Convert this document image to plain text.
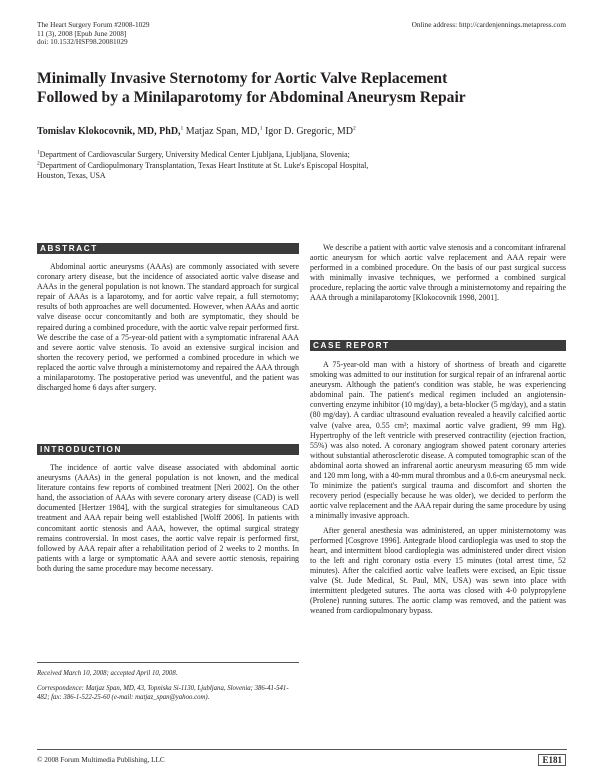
The Heart Surgery Forum #2008-1029
11 (3), 2008 [Epub June 2008]
doi: 10.1532/HSF98.20081029
Online address: http://cardenjennings.metapress.com
Minimally Invasive Sternotomy for Aortic Valve Replacement
Followed by a Minilaparotomy for Abdominal Aneurysm Repair
Tomislav Klokocovnik, MD, PhD,$^1$ Matjaz Span, MD,$^1$ Igor D. Gregoric, $MD^2$
$^1$Department of Cardiovascular Surgery, University Medical Center Ljubljana, Ljubljana, Slovenia;
$^2$Department of Cardiopulmonary Transplantation, Texas Heart Institute at St. Luke's Episcopal Hospital,
Houston, Texas, USA
ABSTRACT

Abdominal aortic aneurysms (AAAs) are commonly associated with severe coronary artery disease, but the incidence of associated aortic valve disease and AAAs in the general population is not known. The standard approach for surgical repair of AAAs is a laparotomy, and for aortic valve repair, a full sternotomy; results of both approaches are well documented. However, when AAAs and aortic valve disease occur concomitantly and both are symptomatic, they should be repaired during a combined procedure, with the aortic valve repair performed first. We describe the case of a 75-year-old patient with a symptomatic infrarenal AAA and severe aortic valve stenosis. To avoid an extensive surgical incision and shorten the recovery period, we performed a combined procedure in which we replaced the aortic valve through a ministernotomy and repaired the AAA through a minilaparotomy. The postoperative period was uneventful, and the patient was discharged home 6 days after surgery.

INTRODUCTION

The incidence of aortic valve disease associated with abdominal aortic aneurysms (AAAs) in the general population is not known, and the medical literature contains few reports of combined treatment [Neri 2002]. On the other hand, the association of AAAs with severe coronary artery disease (CAD) is well documented [Hertzer 1984], with the surgical strategies for simultaneous CAD treatment and AAA repair being well established [Wolff 2006]. In patients with concomitant aortic stenosis and AAA, however, the optimal surgical strategy remains controversial. In most cases, the aortic valve repair is performed first, followed by AAA repair after a rehabilitation period of 2 weeks to 2 months. In patients with a large or symptomatic AAA and severe aortic stenosis, repairing both during the same procedure may become necessary.

Received March 10, 2008; accepted April 10, 2008.
Correspondence: Matjaz Span, MD, 43, Topniska Si-1130, Ljubljana, Slovenia; 386-41-541-482; fax: 386-1-522-25-60 (e-mail: matjaz_span@yahoo.com).

We describe a patient with aortic valve stenosis and a concomitant infrarenal aortic aneurysm for which aortic valve replacement and AAA repair were performed in a combined procedure. On the basis of our past surgical success with minimally invasive techniques, we performed a combined surgical procedure, replacing the aortic valve through a ministernotomy and repairing the AAA through a minilaparotomy [Klokocovnik 1998, 2001].

CASE REPORT

A 75-year-old man with a history of shortness of breath and cigarette smoking was admitted to our institution for surgical repair of an infrarenal aortic aneurysm. Although the patient's condition was stable, he was experiencing abdominal pain. The patient's medical regimen included an angiotensin-converting enzyme inhibitor (10 mg/day), a beta-blocker (5 mg/day), and a statin (80 mg/day). A cardiac ultrasound evaluation revealed a heavily calcified aortic valve (valve area, 0.55 cm²; maximal aortic valve gradient, 99 mm Hg). Hypertrophy of the left ventricle with preserved contractility (ejection fraction, 55%) was also noted. A coronary angiogram showed patent coronary arteries without substantial atherosclerotic disease. A computed tomographic scan of the abdominal aorta showed an infrarenal aortic aneurysm measuring 65 mm wide and 120 mm long, with a 40-mm mural thrombus and a 0.6-cm aneurysmal neck. To minimize the patient's surgical trauma and discomfort and shorten the recovery period (especially because he was older), we decided to perform the aortic valve replacement and the AAA repair during the same procedure by using a minimally invasive approach.

After general anesthesia was administered, an upper ministernotomy was performed [Cosgrove 1996]. Antegrade blood cardioplegia was used to stop the heart, and intermittent blood cardioplegia was administered under direct vision to the left and right coronary ostia every 15 minutes (total arrest time, 52 minutes). After the calcified aortic valve leaflets were excised, an Epic tissue valve (St. Jude Medical, St. Paul, MN, USA) was sewn into place with intermittent pledgeted sutures. The aorta was closed with 4-0 polypropylene (Prolene) running sutures. The aortic clamp was removed, and the patient was weaned from cardiopulmonary bypass.

© 2008 Forum Multimedia Publishing, LLC	E181
